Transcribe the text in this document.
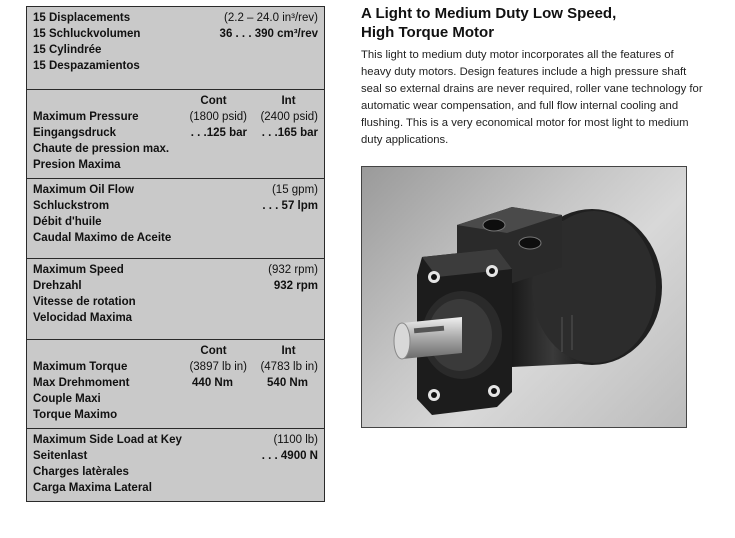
15 Displacements	(2.2 – 24.0 in³/rev)
15 Schluckvolumen	36 . . . 390 cm³/rev
15 Cylindrée
15 Despazamientos
Cont	Int
Maximum Pressure	(1800 psid)	(2400 psid)
Eingangsdruck	. . .125 bar	. . .165 bar
Chaute de pression max.
Presion Maxima
Maximum Oil Flow	(15 gpm)
Schluckstrom	. . . 57 lpm
Débit d'huile
Caudal Maximo de Aceite
Maximum Speed	(932 rpm)
Drehzahl	932 rpm
Vitesse de rotation
Velocidad Maxima
Cont	Int
Maximum Torque	(3897 lb in)	(4783 lb in)
Max Drehmoment	440 Nm	540 Nm
Couple Maxi
Torque Maximo
Maximum Side Load at Key	(1100 lb)
Seitenlast	. . . 4900 N
Charges latèrales
Carga Maxima Lateral
A Light to Medium Duty Low Speed,
High Torque Motor
This light to medium duty motor incorporates all the features of heavy duty motors. Design features include a high pressure shaft seal so external drains are never required, roller vane technology for automatic wear compensation, and full flow internal cooling and flushing. This is a very economical motor for most light to medium duty applications.
